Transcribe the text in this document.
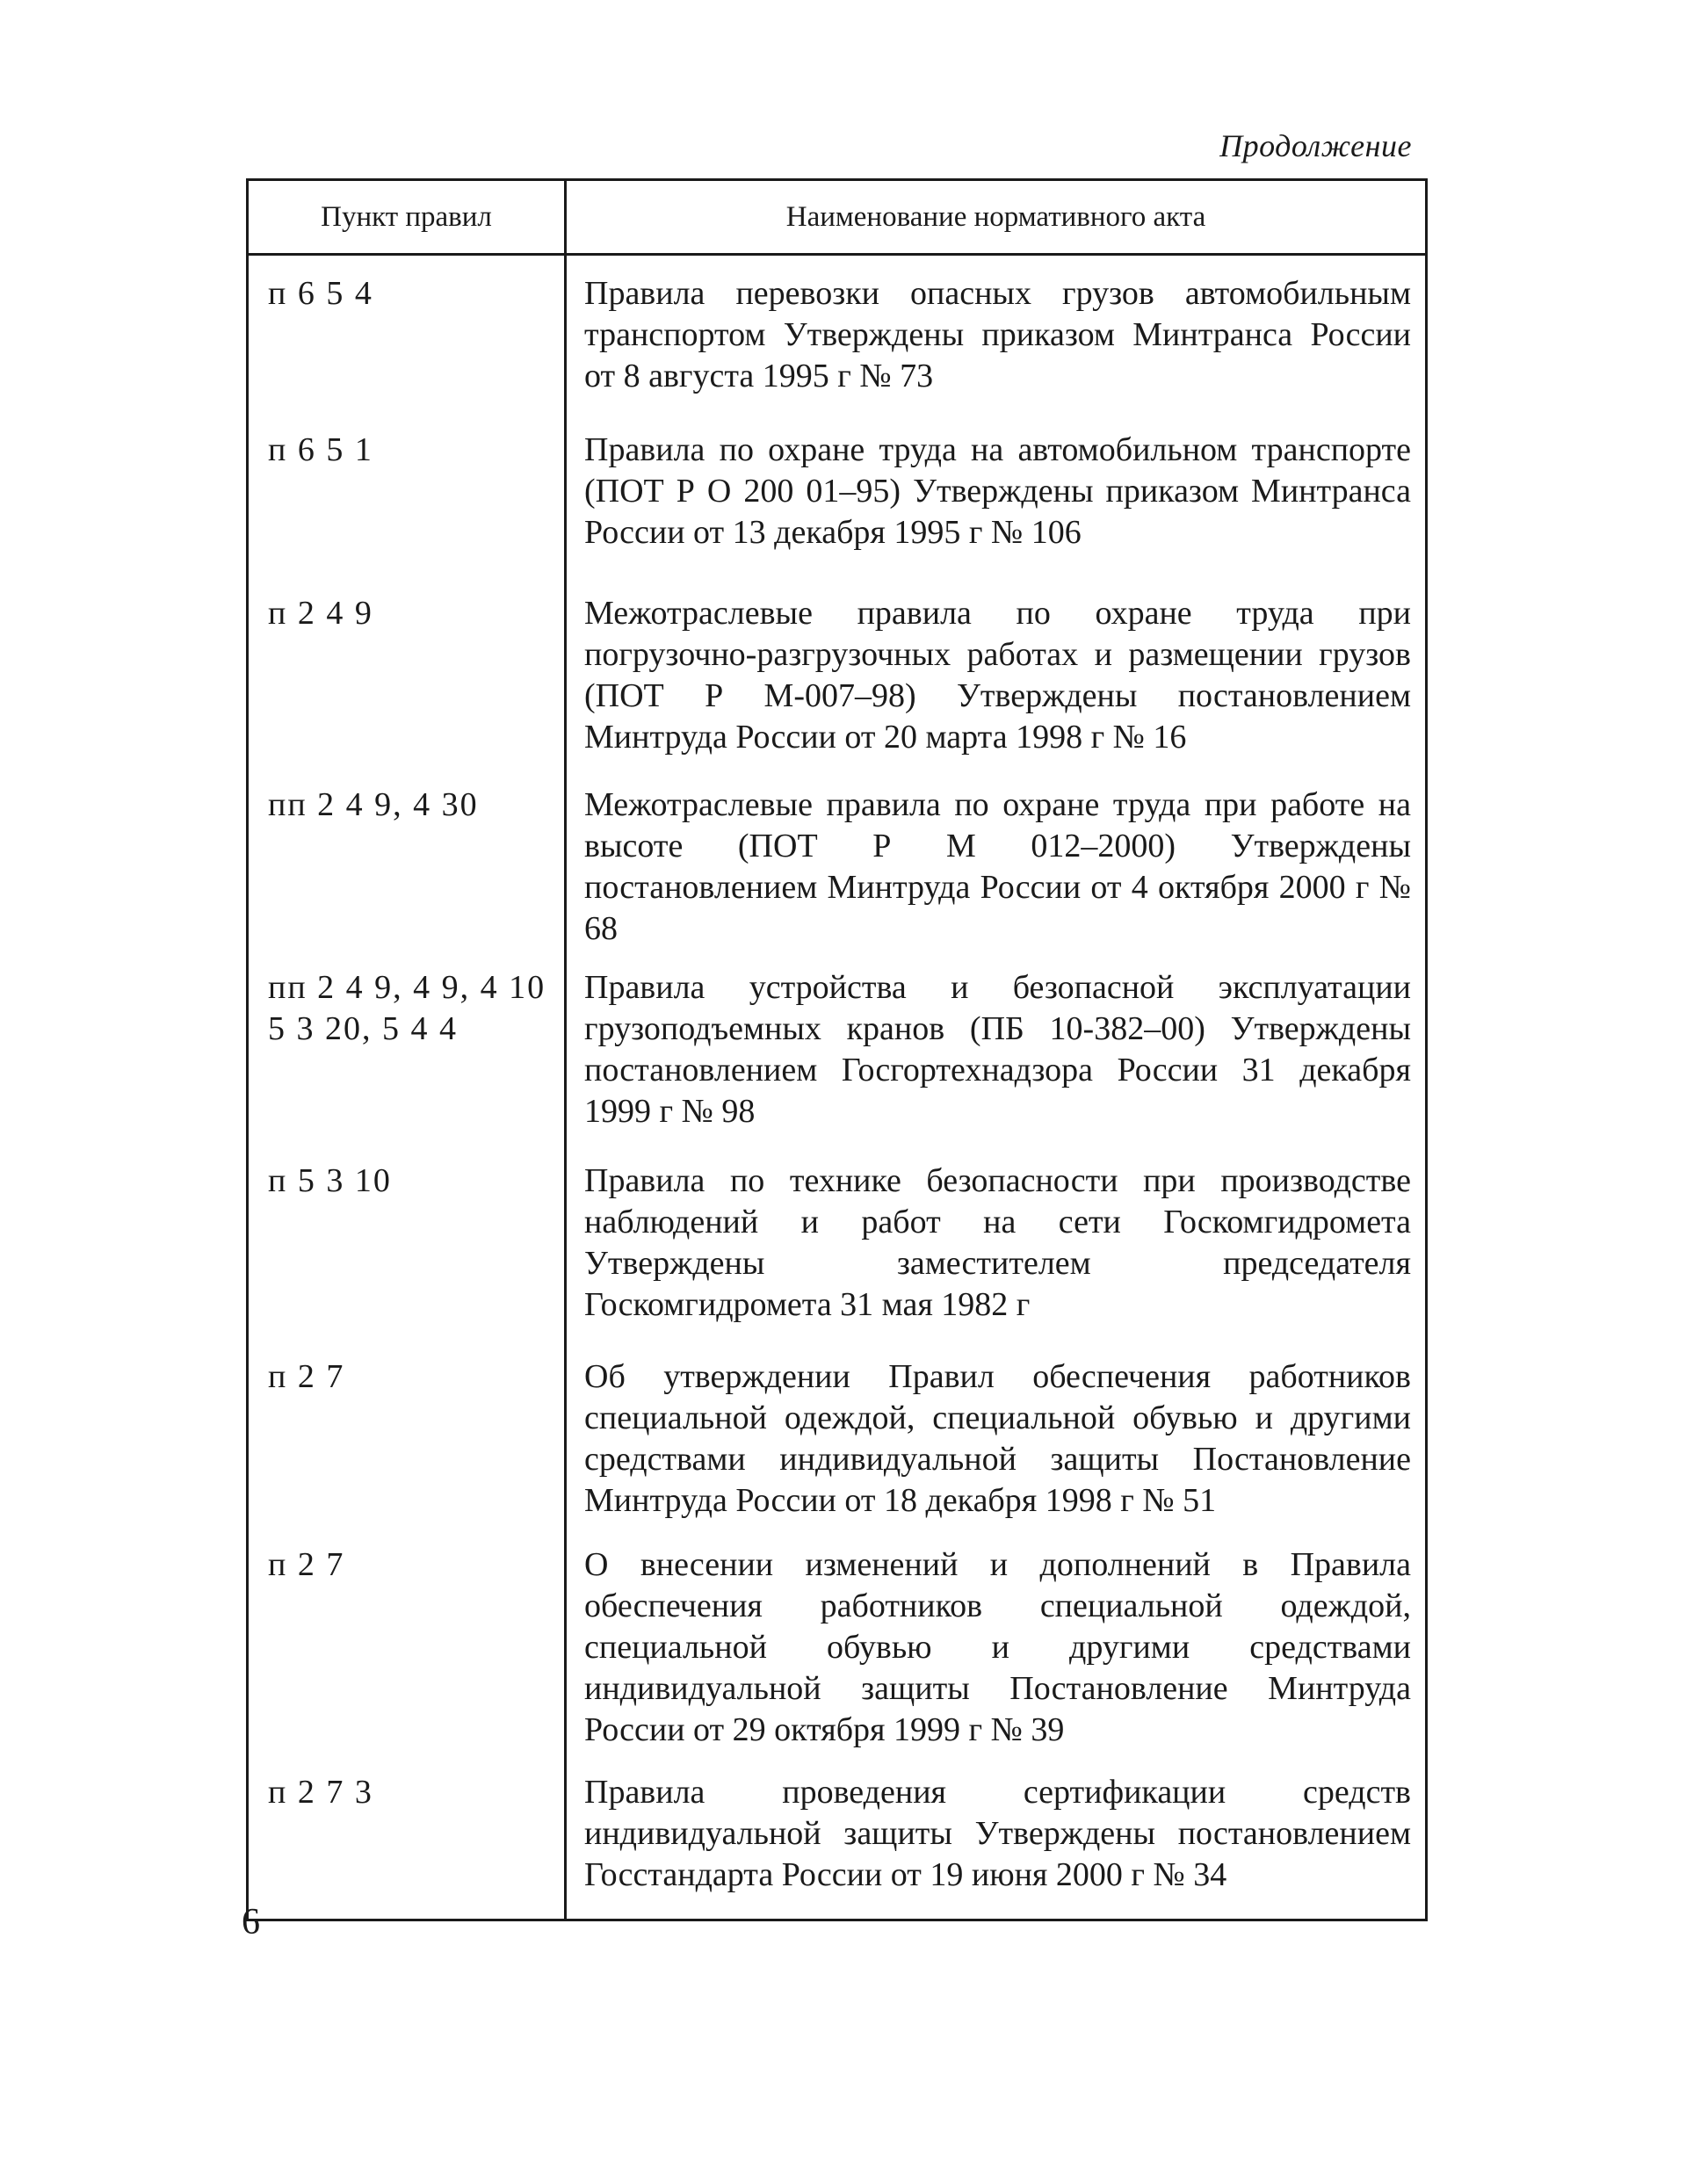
Продолжение
Пункт правил	Наименование нормативного акта
п 6 5 4	Правила перевозки опасных грузов автомобильным транспортом Утверждены приказом Минтранса России от 8 августа 1995 г № 73
п 6 5 1	Правила по охране труда на автомобильном транспорте (ПОТ Р О 200 01–95) Утверждены приказом Минтранса России от 13 декабря 1995 г № 106
п 2 4 9	Межотраслевые правила по охране труда при погрузочно-разгрузочных работах и размещении грузов (ПОТ Р М-007–98) Утверждены постановлением Минтруда России от 20 марта 1998 г № 16
пп 2 4 9, 4 30	Межотраслевые правила по охране труда при работе на высоте (ПОТ Р М 012–2000) Утверждены постановлением Минтруда России от 4 октября 2000 г № 68
пп 2 4 9, 4 9, 4 10 5 3 20, 5 4 4	Правила устройства и безопасной эксплуатации грузоподъемных кранов (ПБ 10-382–00) Утверждены постановлением Госгортехнадзора России 31 декабря 1999 г № 98
п 5 3 10	Правила по технике безопасности при производстве наблюдений и работ на сети Госкомгидромета Утверждены заместителем председателя Госкомгидромета 31 мая 1982 г
п 2 7	Об утверждении Правил обеспечения работников специальной одеждой, специальной обувью и другими средствами индивидуальной защиты Постановление Минтруда России от 18 декабря 1998 г № 51
п 2 7	О внесении изменений и дополнений в Правила обеспечения работников специальной одеждой, специальной обувью и другими средствами индивидуальной защиты Постановление Минтруда России от 29 октября 1999 г № 39
п 2 7 3	Правила проведения сертификации средств индивидуальной защиты Утверждены постановлением Госстандарта России от 19 июня 2000 г № 34
6
